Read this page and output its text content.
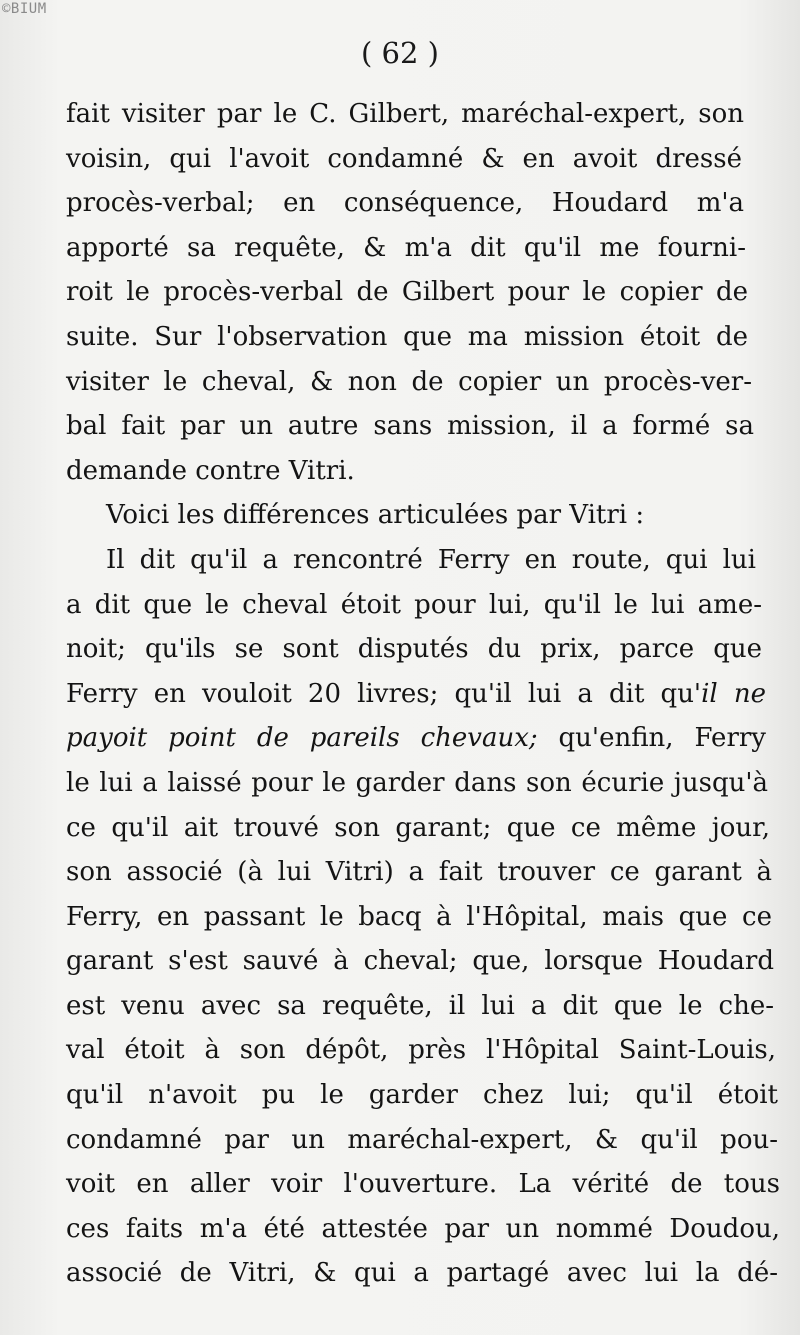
©BIUM
( 62 )
fait visiter par le C. Gilbert, maréchal-expert, son
voisin, qui l'avoit condamné & en avoit dressé
procès-verbal; en conséquence, Houdard m'a
apporté sa requête, & m'a dit qu'il me fourni-
roit le procès-verbal de Gilbert pour le copier de
suite. Sur l'observation que ma mission étoit de
visiter le cheval, & non de copier un procès-ver-
bal fait par un autre sans mission, il a formé sa
demande contre Vitri.
Voici les différences articulées par Vitri :
Il dit qu'il a rencontré Ferry en route, qui lui
a dit que le cheval étoit pour lui, qu'il le lui ame-
noit; qu'ils se sont disputés du prix, parce que
Ferry en vouloit 20 livres; qu'il lui a dit qu'il ne
payoit point de pareils chevaux; qu'enfin, Ferry
le lui a laissé pour le garder dans son écurie jusqu'à
ce qu'il ait trouvé son garant; que ce même jour,
son associé (à lui Vitri) a fait trouver ce garant à
Ferry, en passant le bacq à l'Hôpital, mais que ce
garant s'est sauvé à cheval; que, lorsque Houdard
est venu avec sa requête, il lui a dit que le che-
val étoit à son dépôt, près l'Hôpital Saint-Louis,
qu'il n'avoit pu le garder chez lui; qu'il étoit
condamné par un maréchal-expert, & qu'il pou-
voit en aller voir l'ouverture. La vérité de tous
ces faits m'a été attestée par un nommé Doudou,
associé de Vitri, & qui a partagé avec lui la dé-
